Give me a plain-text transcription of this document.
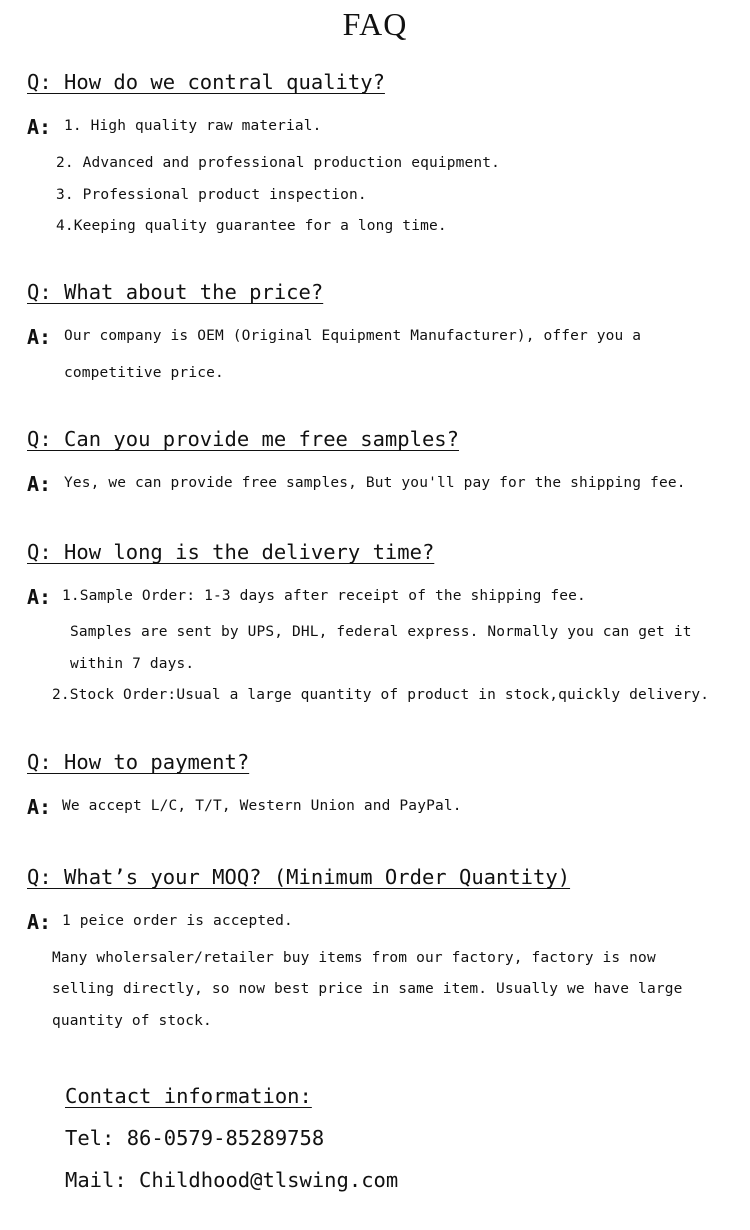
FAQ
Q: How do we contral quality?
A: 1. High quality raw material.
2. Advanced and professional production equipment.
3. Professional product inspection.
4.Keeping quality guarantee for a long time.
Q: What about the price?
A: Our company is OEM (Original Equipment Manufacturer), offer you a
competitive price.
Q: Can you provide me free samples?
A: Yes, we can provide free samples, But you'll pay for the shipping fee.
Q: How long is the delivery time?
A: 1.Sample Order: 1-3 days after receipt of the shipping fee.
Samples are sent by UPS, DHL, federal express. Normally you can get it
within 7 days.
2.Stock Order:Usual a large quantity of product in stock,quickly delivery.
Q: How to payment?
A: We accept L/C, T/T, Western Union and PayPal.
Q: What’s your MOQ? (Minimum Order Quantity)
A: 1 peice order is accepted.
Many wholersaler/retailer buy items from our factory, factory is now
selling directly, so now best price in same item. Usually we have large
quantity of stock.
Contact information:
Tel: 86-0579-85289758
Mail: Childhood@tlswing.com
